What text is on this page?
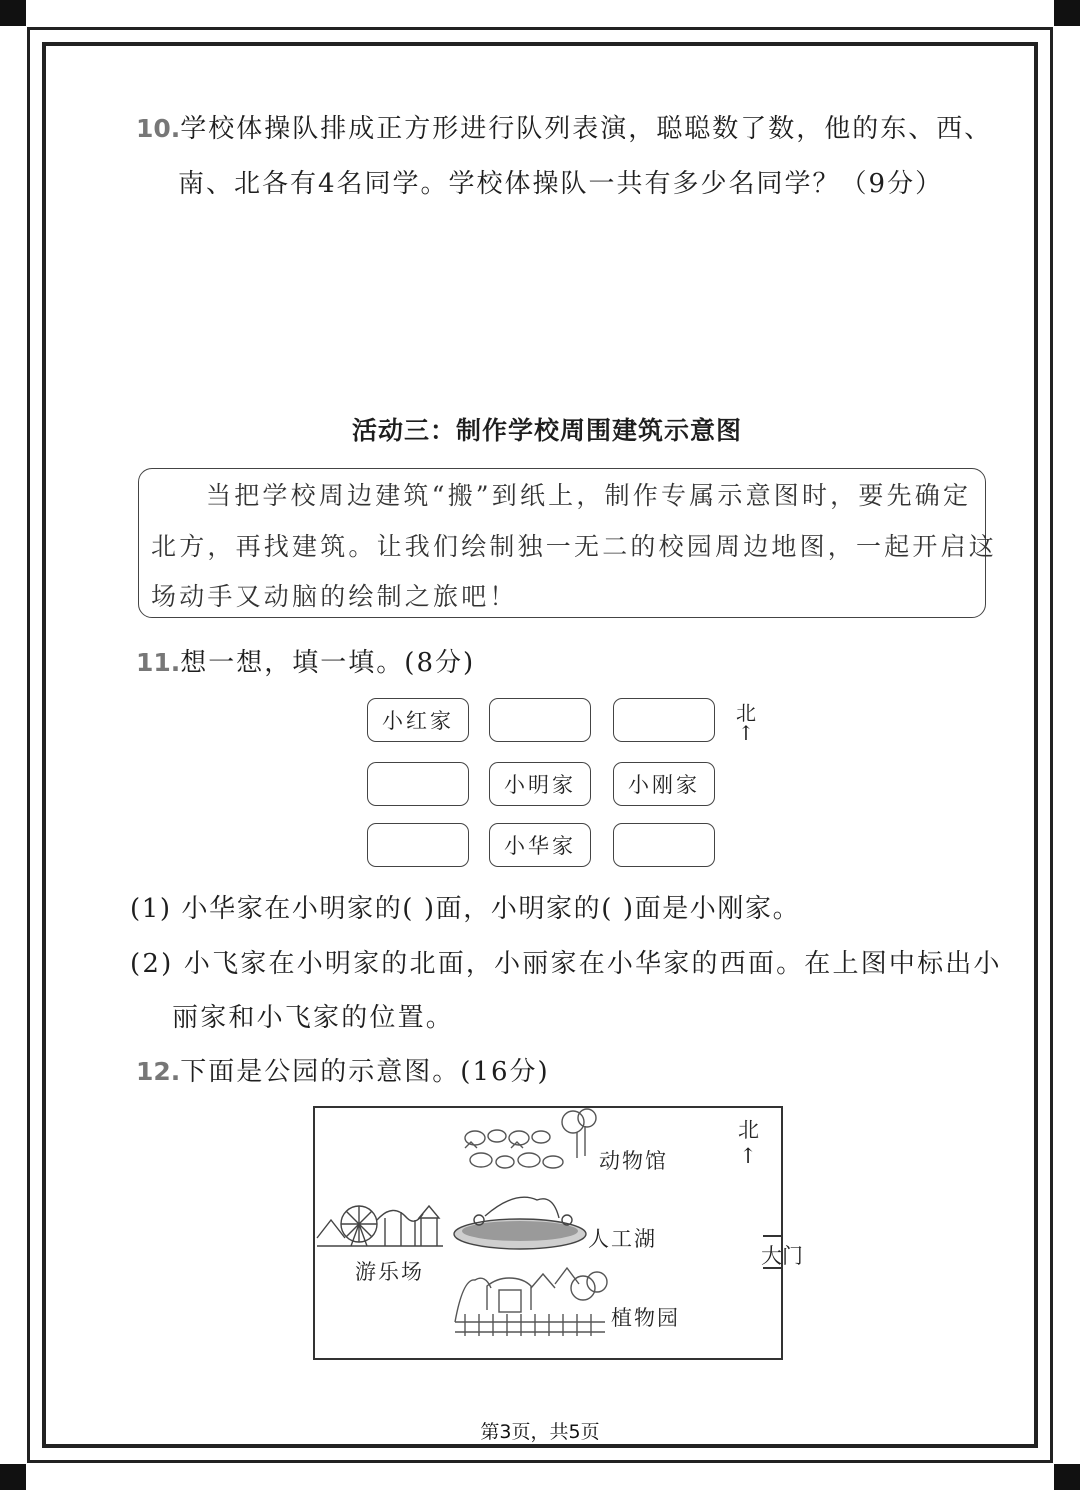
10.学校体操队排成正方形进行队列表演，聪聪数了数，他的东、西、
南、北各有4名同学。学校体操队一共有多少名同学？（9分）
活动三：制作学校周围建筑示意图
当把学校周边建筑“搬”到纸上，制作专属示意图时，要先确定
北方，再找建筑。让我们绘制独一无二的校园周边地图，一起开启这
场动手又动脑的绘制之旅吧！
11.想一想，填一填。(8分)
小红家
小明家	小刚家
小华家
北
↑
(1) 小华家在小明家的( )面，小明家的( )面是小刚家。
(2) 小飞家在小明家的北面，小丽家在小华家的西面。在上图中标出小
丽家和小飞家的位置。
12.下面是公园的示意图。(16分)
北
↑
动物馆
人工湖
游乐场
植物园
大门
第3页，共5页
